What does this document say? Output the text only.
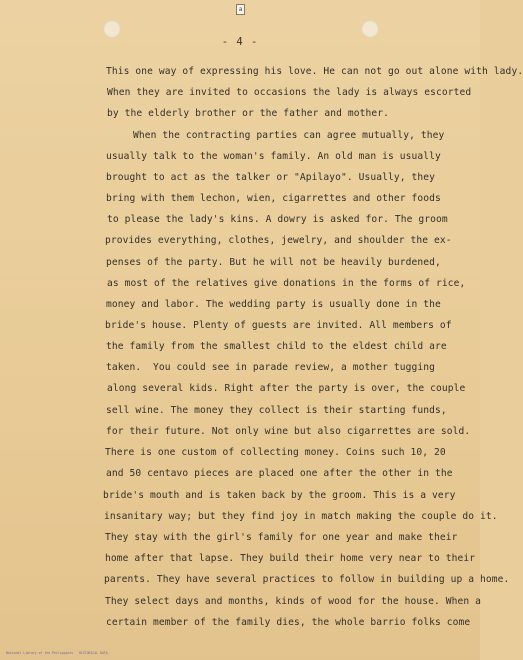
a
- 4 -
This one way of expressing his love. He can not go out alone with lady.
When they are invited to occasions the lady is always escorted
by the elderly brother or the father and mother.
When the contracting parties can agree mutually, they
usually talk to the woman's family. An old man is usually
brought to act as the talker or "Apilayo". Usually, they
bring with them lechon, wien, cigarrettes and other foods
to please the lady's kins. A dowry is asked for. The groom
provides everything, clothes, jewelry, and shoulder the ex-
penses of the party. But he will not be heavily burdened,
as most of the relatives give donations in the forms of rice,
money and labor. The wedding party is usually done in the
bride's house. Plenty of guests are invited. All members of
the family from the smallest child to the eldest child are
taken.  You could see in parade review, a mother tugging
along several kids. Right after the party is over, the couple
sell wine. The money they collect is their starting funds,
for their future. Not only wine but also cigarrettes are sold.
There is one custom of collecting money. Coins such 10, 20
and 50 centavo pieces are placed one after the other in the
bride's mouth and is taken back by the groom. This is a very
insanitary way; but they find joy in match making the couple do it.
They stay with the girl's family for one year and make their
home after that lapse. They build their home very near to their
parents. They have several practices to follow in building up a home.
They select days and months, kinds of wood for the house. When a
certain member of the family dies, the whole barrio folks come
National Library of the Philippines   HISTORICAL DATA
